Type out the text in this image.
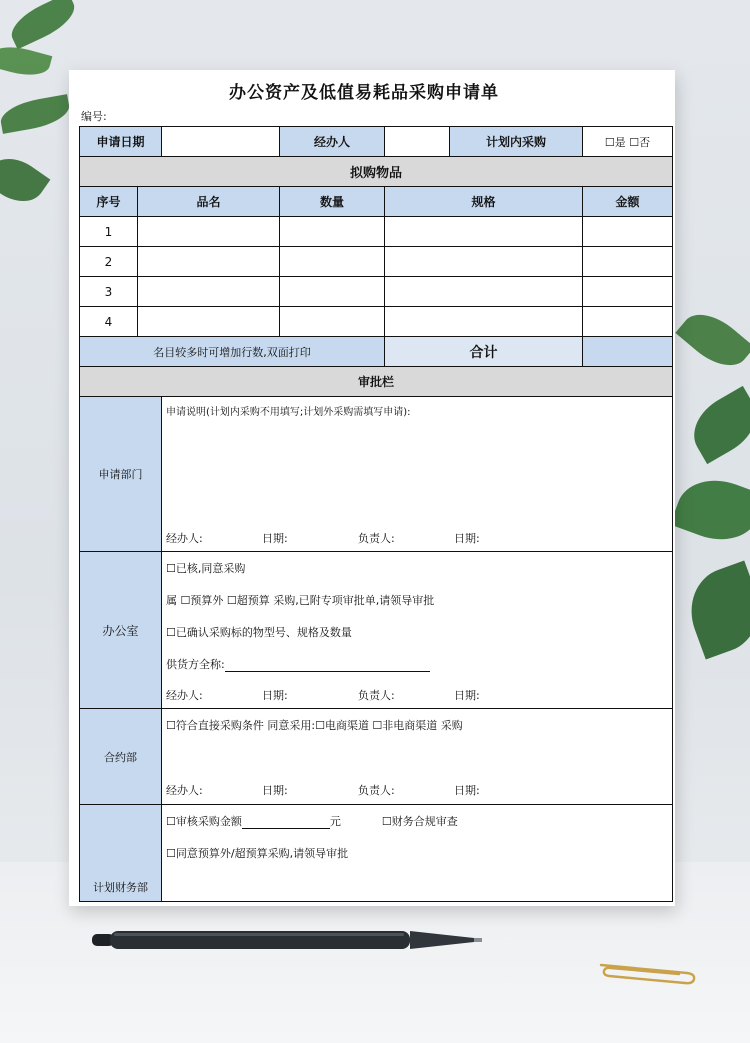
办公资产及低值易耗品采购申请单
编号:
申请日期			经办人		计划内采购	☐是 ☐否
拟购物品						
序号	品名		数量	规格		金额
1						
2						
3						
4						
名目较多时可增加行数,双面打印				合计		
审批栏						
申请部门		申请说明(计划内采购不用填写;计划外采购需填写申请):
经办人: 日期: 负责人: 日期:				

办公室		☐已核,同意采购
属 ☐预算外 ☐超预算 采购,已附专项审批单,请领导审批
☐已确认采购标的物型号、规格及数量
供货方全称:
经办人: 日期: 负责人: 日期:				

合约部		☐符合直接采购条件 同意采用:☐电商渠道 ☐非电商渠道 采购
经办人: 日期: 负责人: 日期:				

计划财务部		☐审核采购金额 元 ☐财务合规审查
☐同意预算外/超预算采购,请领导审批				
